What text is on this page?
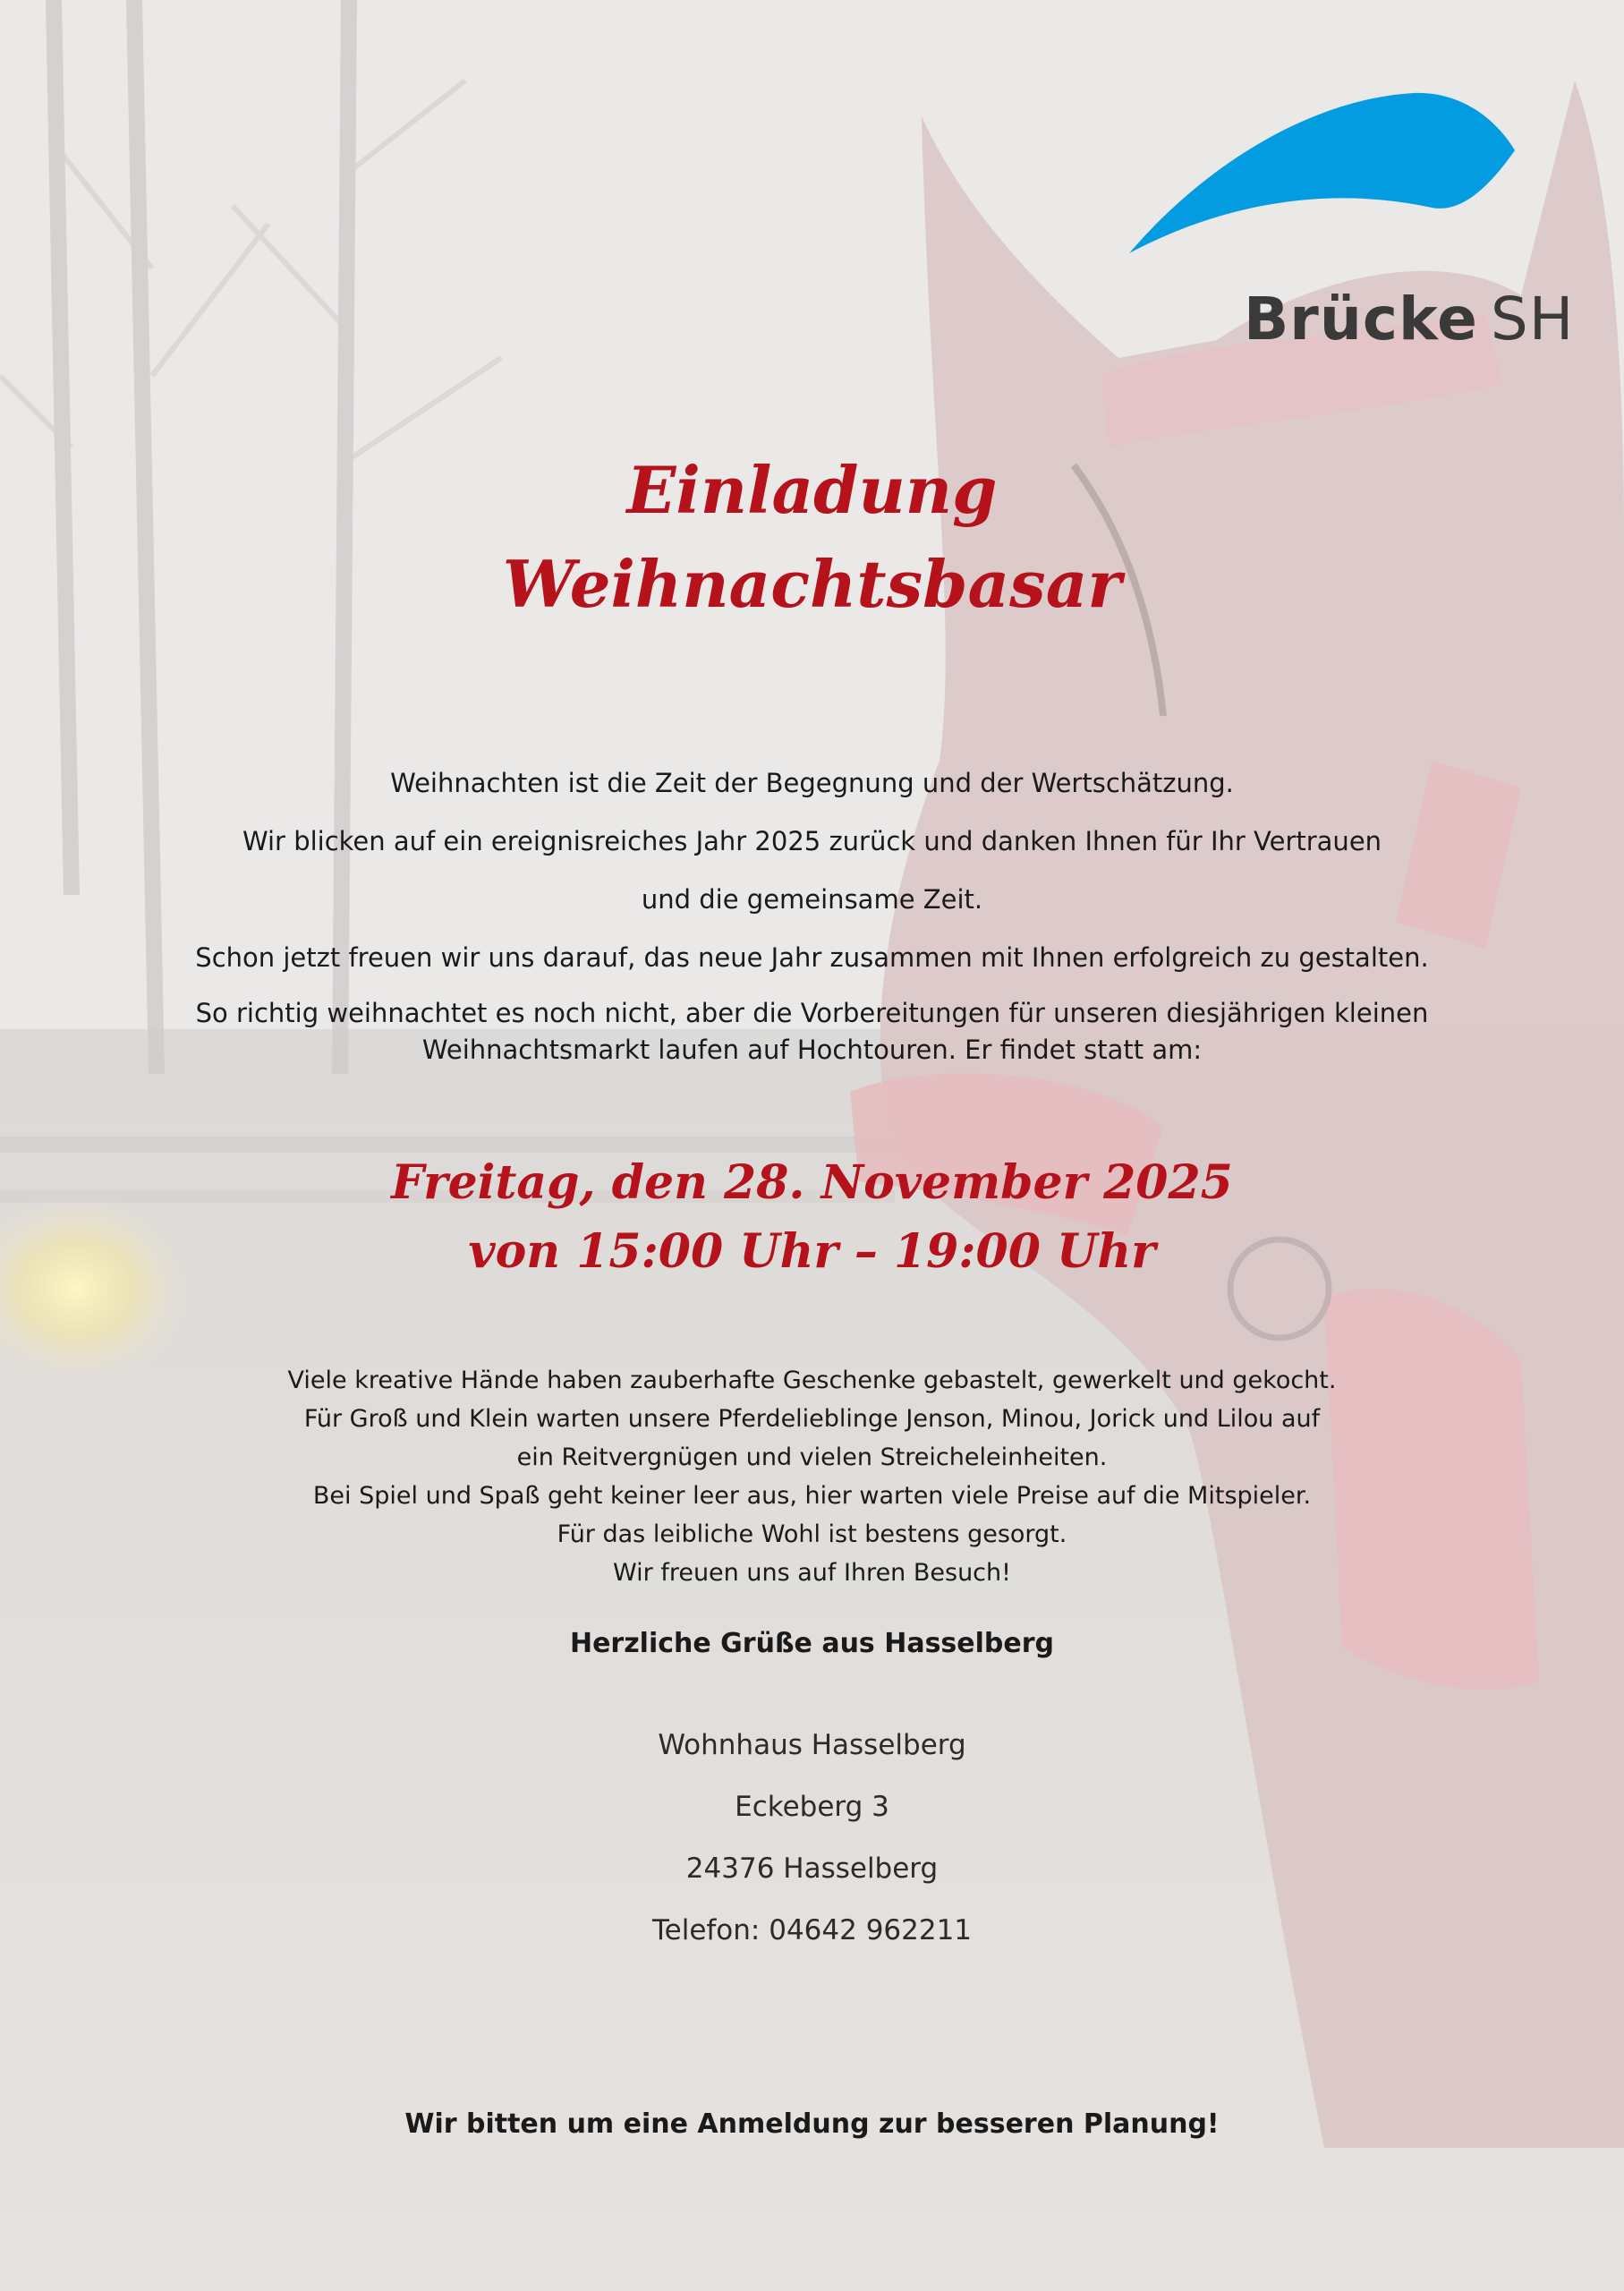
Brücke SH
Einladung
Weihnachtsbasar
Weihnachten ist die Zeit der Begegnung und der Wertschätzung.
Wir blicken auf ein ereignisreiches Jahr 2025 zurück und danken Ihnen für Ihr Vertrauen
und die gemeinsame Zeit.
Schon jetzt freuen wir uns darauf, das neue Jahr zusammen mit Ihnen erfolgreich zu gestalten.
So richtig weihnachtet es noch nicht, aber die Vorbereitungen für unseren diesjährigen kleinen
Weihnachtsmarkt laufen auf Hochtouren. Er findet statt am:
Freitag, den 28. November 2025
von 15:00 Uhr – 19:00 Uhr
Viele kreative Hände haben zauberhafte Geschenke gebastelt, gewerkelt und gekocht.
Für Groß und Klein warten unsere Pferdelieblinge Jenson, Minou, Jorick und Lilou auf
ein Reitvergnügen und vielen Streicheleinheiten.
Bei Spiel und Spaß geht keiner leer aus, hier warten viele Preise auf die Mitspieler.
Für das leibliche Wohl ist bestens gesorgt.
Wir freuen uns auf Ihren Besuch!
Herzliche Grüße aus Hasselberg
Wohnhaus Hasselberg
Eckeberg 3
24376 Hasselberg
Telefon: 04642 962211
Wir bitten um eine Anmeldung zur besseren Planung!
